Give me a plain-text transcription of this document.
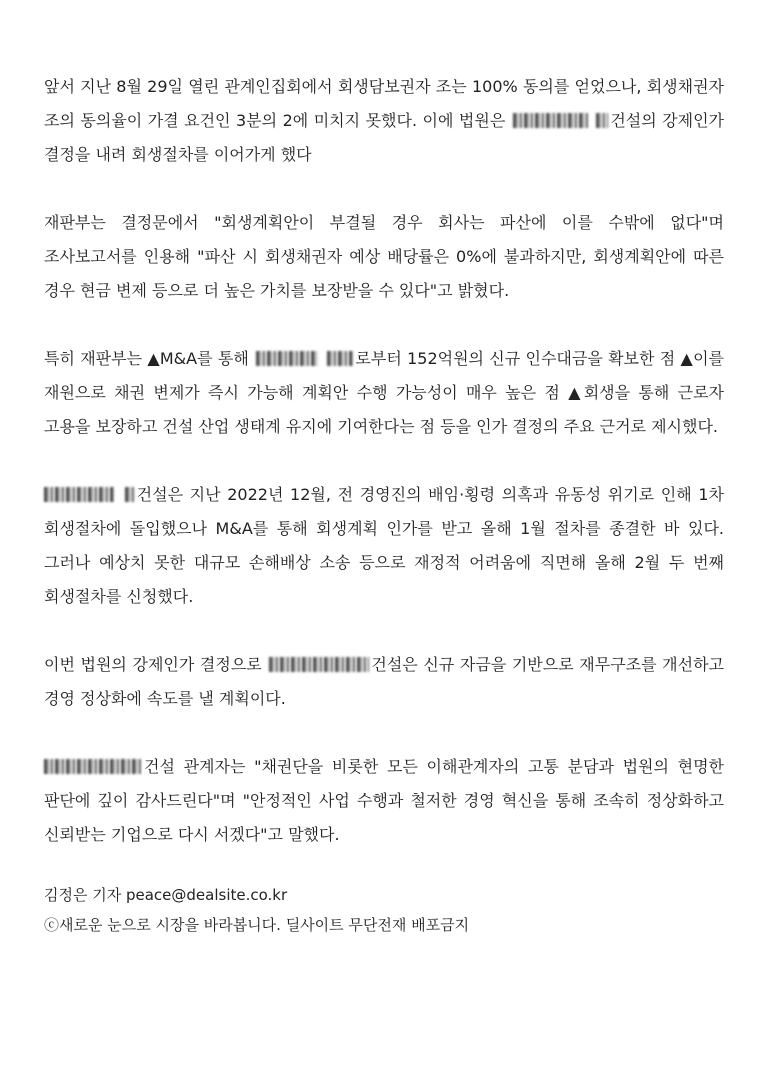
앞서 지난 8월 29일 열린 관계인집회에서 회생담보권자 조는 100% 동의를 얻었으나, 회생채권자 조의 동의율이 가결 요건인 3분의 2에 미치지 못했다. 이에 법원은	건설의 강제인가 결정을 내려 회생절차를 이어가게 했다

재판부는 결정문에서 "회생계획안이 부결될 경우 회사는 파산에 이를 수밖에 없다"며 조사보고서를 인용해 "파산 시 회생채권자 예상 배당률은 0%에 불과하지만, 회생계획안에 따른 경우 현금 변제 등으로 더 높은 가치를 보장받을 수 있다"고 밝혔다.

특히 재판부는 ▲M&A를 통해	로부터 152억원의 신규 인수대금을 확보한 점 ▲이를 재원으로 채권 변제가 즉시 가능해 계획안 수행 가능성이 매우 높은 점 ▲회생을 통해 근로자 고용을 보장하고 건설 산업 생태계 유지에 기여한다는 점 등을 인가 결정의 주요 근거로 제시했다.

건설은 지난 2022년 12월, 전 경영진의 배임·횡령 의혹과 유동성 위기로 인해 1차 회생절차에 돌입했으나 M&A를 통해 회생계획 인가를 받고 올해 1월 절차를 종결한 바 있다. 그러나 예상치 못한 대규모 손해배상 소송 등으로 재정적 어려움에 직면해 올해 2월 두 번째 회생절차를 신청했다.

이번 법원의 강제인가 결정으로	건설은 신규 자금을 기반으로 재무구조를 개선하고 경영 정상화에 속도를 낼 계획이다.

건설 관계자는 "채권단을 비롯한 모든 이해관계자의 고통 분담과 법원의 현명한 판단에 깊이 감사드린다"며 "안정적인 사업 수행과 철저한 경영 혁신을 통해 조속히 정상화하고 신뢰받는 기업으로 다시 서겠다"고 말했다.

김정은 기자 peace@dealsite.co.kr
ⓒ새로운 눈으로 시장을 바라봅니다. 딜사이트 무단전재 배포금지
